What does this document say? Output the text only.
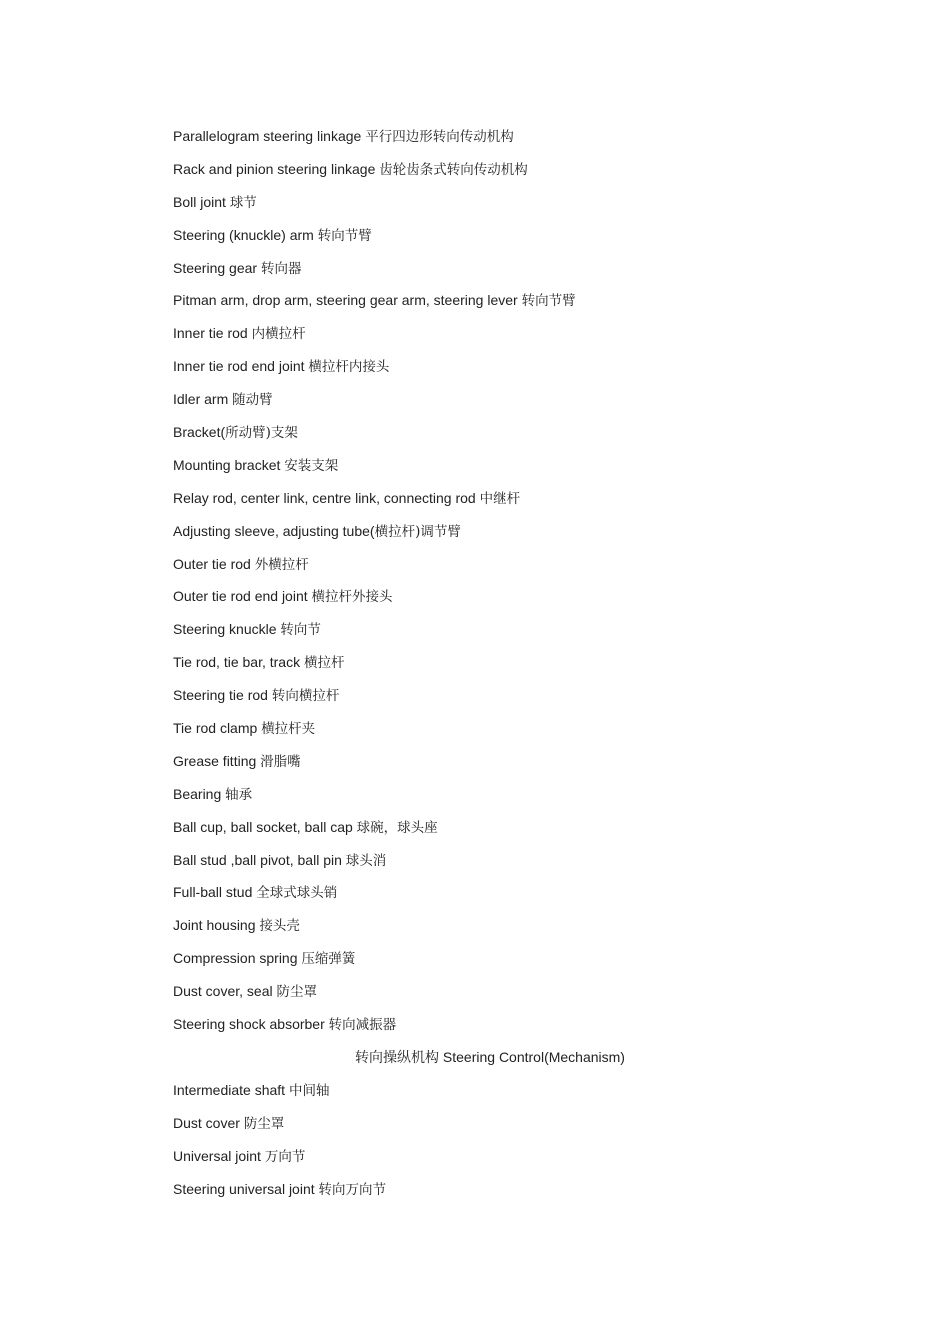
Parallelogram steering linkage 平行四边形转向传动机构
Rack and pinion steering linkage 齿轮齿条式转向传动机构
Boll joint 球节
Steering (knuckle) arm 转向节臂
Steering gear 转向器
Pitman arm, drop arm, steering gear arm, steering lever 转向节臂
Inner tie rod 内横拉杆
Inner tie rod end joint 横拉杆内接头
Idler arm 随动臂
Bracket(所动臂)支架
Mounting bracket 安装支架
Relay rod, center link, centre link, connecting rod 中继杆
Adjusting sleeve, adjusting tube(横拉杆)调节臂
Outer tie rod 外横拉杆
Outer tie rod end joint 横拉杆外接头
Steering knuckle 转向节
Tie rod, tie bar, track 横拉杆
Steering tie rod 转向横拉杆
Tie rod clamp 横拉杆夹
Grease fitting 滑脂嘴
Bearing 轴承
Ball cup, ball socket, ball cap 球碗，球头座
Ball stud ,ball pivot, ball pin 球头消
Full-ball stud 全球式球头销
Joint housing 接头壳
Compression spring 压缩弹簧
Dust cover, seal 防尘罩
Steering shock absorber 转向减振器
转向操纵机构 Steering Control(Mechanism)
Intermediate shaft 中间轴
Dust cover 防尘罩
Universal joint 万向节
Steering universal joint 转向万向节
